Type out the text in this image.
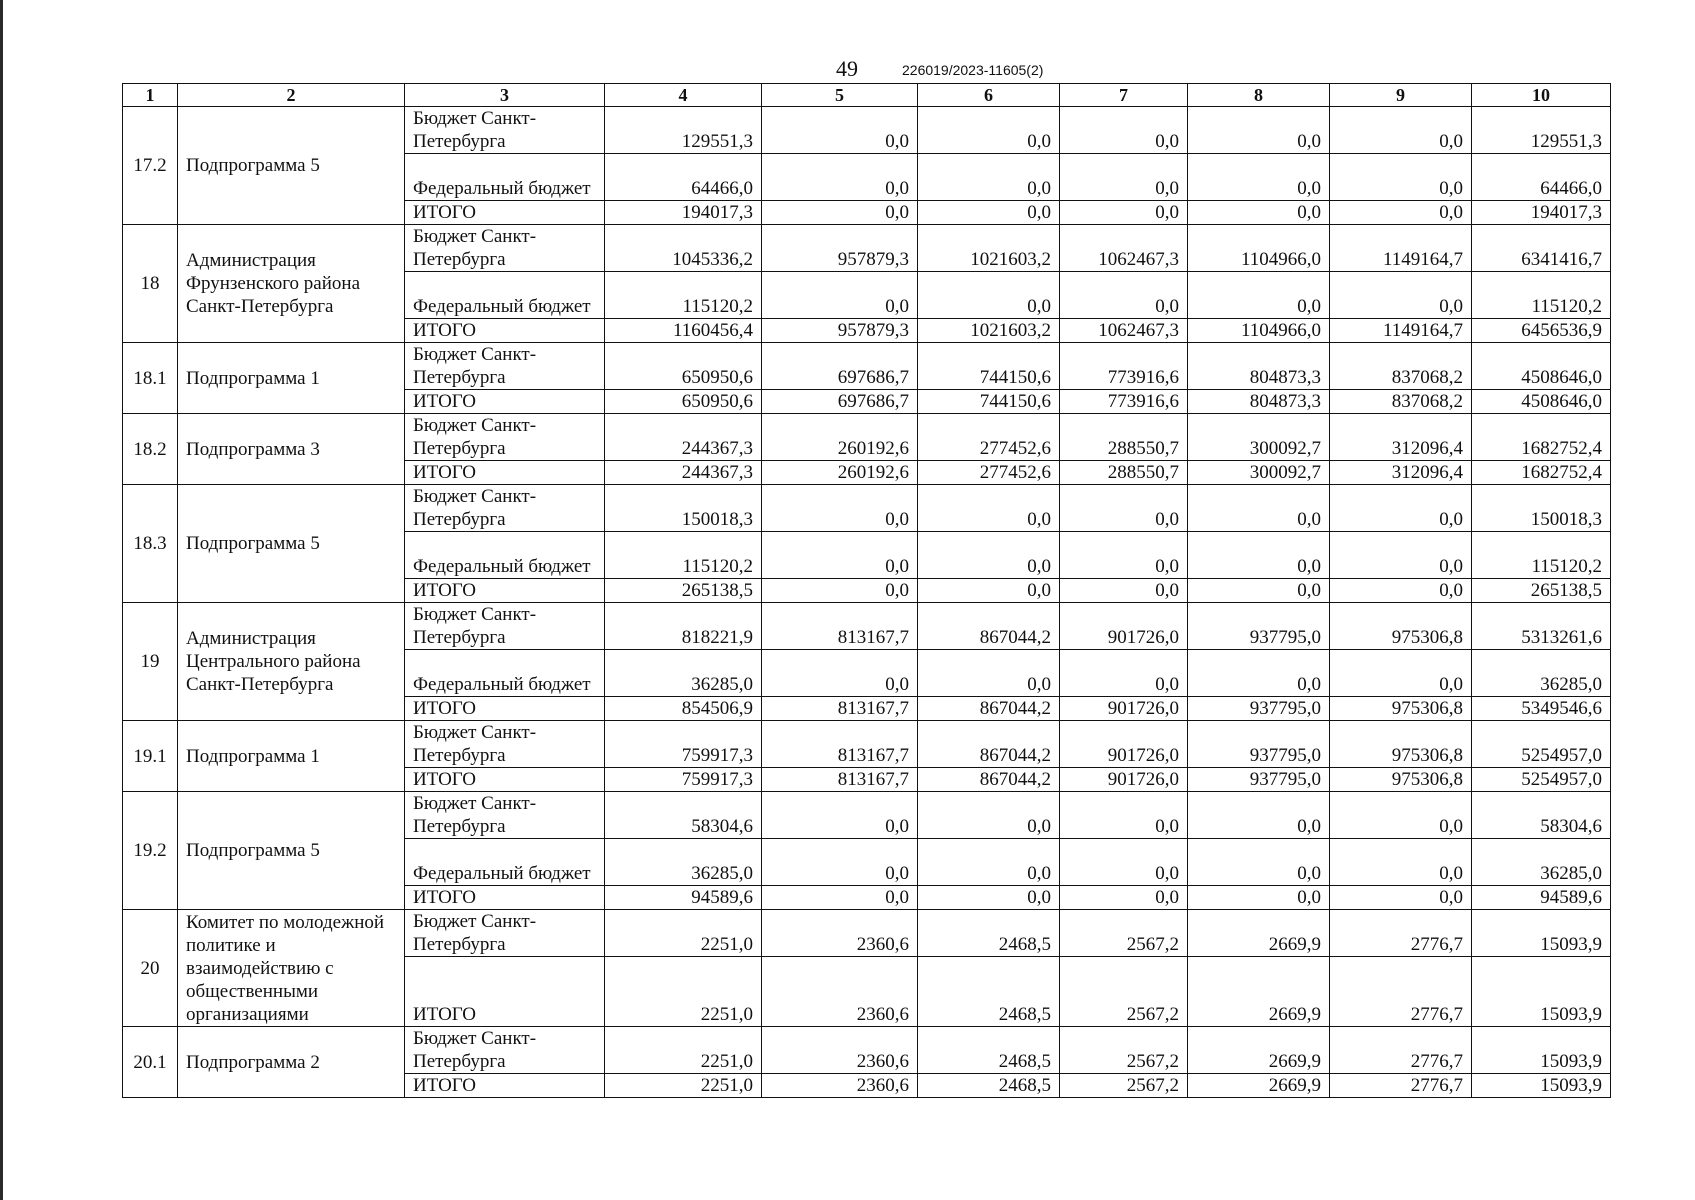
49	226019/2023-11605(2)
1	2	3	4	5	6	7	8	9	10
17.2	Подпрограмма 5	Бюджет Санкт-Петербурга	129551,3	0,0	0,0	0,0	0,0	0,0	129551,3
		Федеральный бюджет	64466,0	0,0	0,0	0,0	0,0	0,0	64466,0
		ИТОГО	194017,3	0,0	0,0	0,0	0,0	0,0	194017,3
18	Администрация Фрунзенского района Санкт-Петербурга	Бюджет Санкт-Петербурга	1045336,2	957879,3	1021603,2	1062467,3	1104966,0	1149164,7	6341416,7
		Федеральный бюджет	115120,2	0,0	0,0	0,0	0,0	0,0	115120,2
		ИТОГО	1160456,4	957879,3	1021603,2	1062467,3	1104966,0	1149164,7	6456536,9
18.1	Подпрограмма 1	Бюджет Санкт-Петербурга	650950,6	697686,7	744150,6	773916,6	804873,3	837068,2	4508646,0
		ИТОГО	650950,6	697686,7	744150,6	773916,6	804873,3	837068,2	4508646,0
18.2	Подпрограмма 3	Бюджет Санкт-Петербурга	244367,3	260192,6	277452,6	288550,7	300092,7	312096,4	1682752,4
		ИТОГО	244367,3	260192,6	277452,6	288550,7	300092,7	312096,4	1682752,4
18.3	Подпрограмма 5	Бюджет Санкт-Петербурга	150018,3	0,0	0,0	0,0	0,0	0,0	150018,3
		Федеральный бюджет	115120,2	0,0	0,0	0,0	0,0	0,0	115120,2
		ИТОГО	265138,5	0,0	0,0	0,0	0,0	0,0	265138,5
19	Администрация Центрального района Санкт-Петербурга	Бюджет Санкт-Петербурга	818221,9	813167,7	867044,2	901726,0	937795,0	975306,8	5313261,6
		Федеральный бюджет	36285,0	0,0	0,0	0,0	0,0	0,0	36285,0
		ИТОГО	854506,9	813167,7	867044,2	901726,0	937795,0	975306,8	5349546,6
19.1	Подпрограмма 1	Бюджет Санкт-Петербурга	759917,3	813167,7	867044,2	901726,0	937795,0	975306,8	5254957,0
		ИТОГО	759917,3	813167,7	867044,2	901726,0	937795,0	975306,8	5254957,0
19.2	Подпрограмма 5	Бюджет Санкт-Петербурга	58304,6	0,0	0,0	0,0	0,0	0,0	58304,6
		Федеральный бюджет	36285,0	0,0	0,0	0,0	0,0	0,0	36285,0
		ИТОГО	94589,6	0,0	0,0	0,0	0,0	0,0	94589,6
20	Комитет по молодежной политике и взаимодействию с общественными организациями	Бюджет Санкт-Петербурга	2251,0	2360,6	2468,5	2567,2	2669,9	2776,7	15093,9
		ИТОГО	2251,0	2360,6	2468,5	2567,2	2669,9	2776,7	15093,9
20.1	Подпрограмма 2	Бюджет Санкт-Петербурга	2251,0	2360,6	2468,5	2567,2	2669,9	2776,7	15093,9
		ИТОГО	2251,0	2360,6	2468,5	2567,2	2669,9	2776,7	15093,9
